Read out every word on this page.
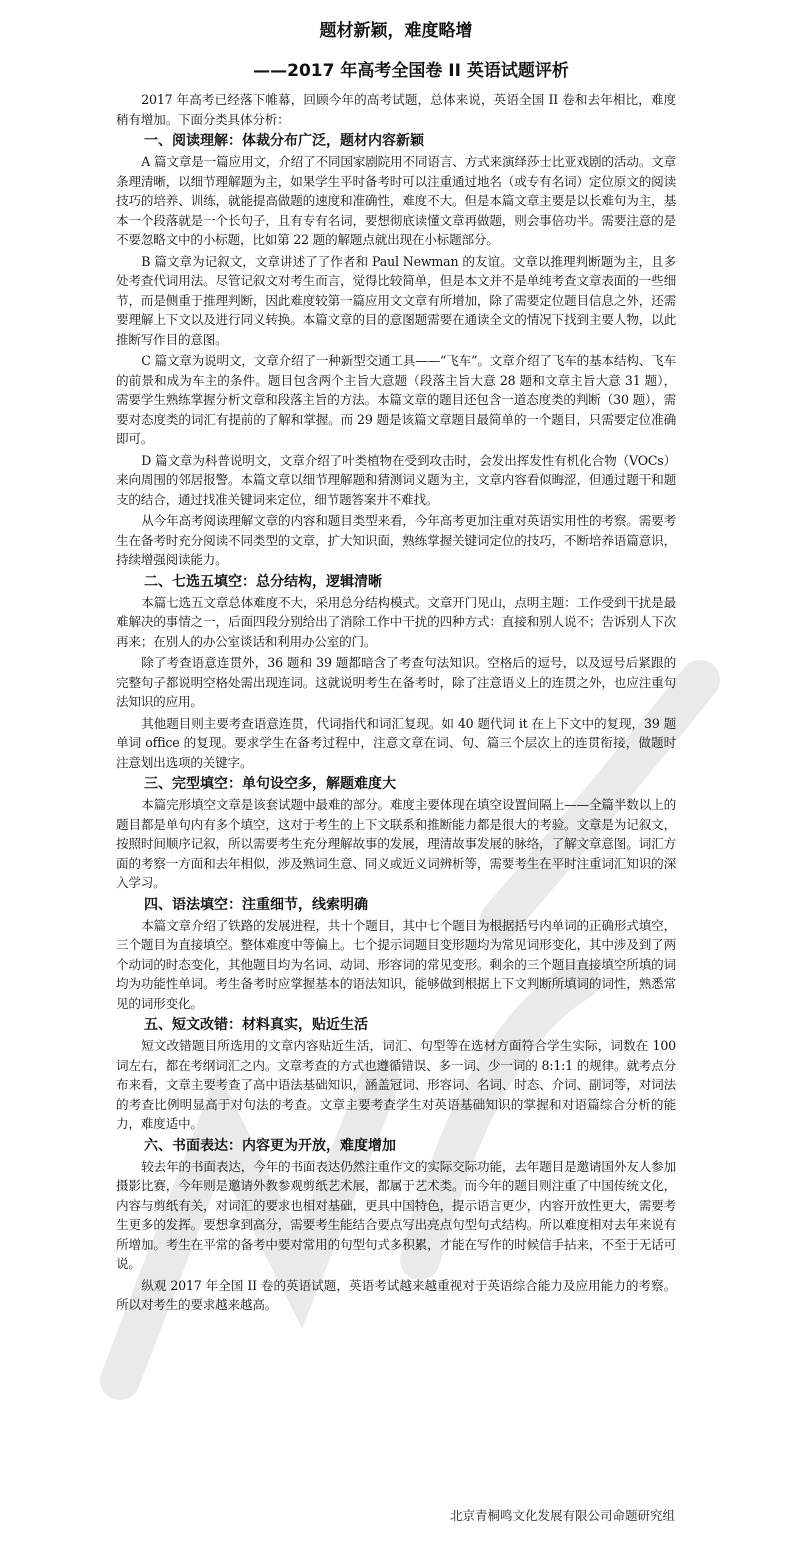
题材新颖，难度略增
——2017 年高考全国卷 II 英语试题评析

2017 年高考已经落下帷幕，回顾今年的高考试题，总体来说，英语全国 II 卷和去年相比，难度稍有增加。下面分类具体分析：

一、阅读理解：体裁分布广泛，题材内容新颖

A 篇文章是一篇应用文，介绍了不同国家剧院用不同语言、方式来演绎莎士比亚戏剧的活动。文章条理清晰，以细节理解题为主，如果学生平时备考时可以注重通过地名（或专有名词）定位原文的阅读技巧的培养、训练，就能提高做题的速度和准确性，难度不大。但是本篇文章主要是以长难句为主，基本一个段落就是一个长句子，且有专有名词，要想彻底读懂文章再做题，则会事倍功半。需要注意的是不要忽略文中的小标题，比如第 22 题的解题点就出现在小标题部分。

B 篇文章为记叙文，文章讲述了了作者和 Paul Newman 的友谊。文章以推理判断题为主，且多处考查代词用法。尽管记叙文对考生而言，觉得比较简单，但是本文并不是单纯考查文章表面的一些细节，而是侧重于推理判断，因此难度较第一篇应用文文章有所增加，除了需要定位题目信息之外，还需要理解上下文以及进行同义转换。本篇文章的目的意图题需要在通读全文的情况下找到主要人物，以此推断写作目的意图。

C 篇文章为说明文，文章介绍了一种新型交通工具——“飞车”。文章介绍了飞车的基本结构、飞车的前景和成为车主的条件。题目包含两个主旨大意题（段落主旨大意 28 题和文章主旨大意 31 题），需要学生熟练掌握分析文章和段落主旨的方法。本篇文章的题目还包含一道态度类的判断（30 题），需要对态度类的词汇有提前的了解和掌握。而 29 题是该篇文章题目最简单的一个题目，只需要定位准确即可。

D 篇文章为科普说明文，文章介绍了叶类植物在受到攻击时，会发出挥发性有机化合物（VOCs）来向周围的邻居报警。本篇文章以细节理解题和猜测词义题为主，文章内容看似晦涩，但通过题干和题支的结合，通过找准关键词来定位，细节题答案并不难找。

从今年高考阅读理解文章的内容和题目类型来看，今年高考更加注重对英语实用性的考察。需要考生在备考时充分阅读不同类型的文章，扩大知识面，熟练掌握关键词定位的技巧，不断培养语篇意识，持续增强阅读能力。

二、七选五填空：总分结构，逻辑清晰

本篇七选五文章总体难度不大，采用总分结构模式。文章开门见山，点明主题：工作受到干扰是最难解决的事情之一，后面四段分别给出了消除工作中干扰的四种方式：直接和别人说不；告诉别人下次再来；在别人的办公室谈话和利用办公室的门。

除了考查语意连贯外，36 题和 39 题都暗含了考查句法知识。空格后的逗号，以及逗号后紧跟的完整句子都说明空格处需出现连词。这就说明考生在备考时，除了注意语义上的连贯之外，也应注重句法知识的应用。

其他题目则主要考查语意连贯，代词指代和词汇复现。如 40 题代词 it 在上下文中的复现，39 题单词 office 的复现。要求学生在备考过程中，注意文章在词、句、篇三个层次上的连贯衔接，做题时注意划出选项的关键字。

三、完型填空：单句设空多，解题难度大

本篇完形填空文章是该套试题中最难的部分。难度主要体现在填空设置间隔上——全篇半数以上的题目都是单句内有多个填空，这对于考生的上下文联系和推断能力都是很大的考验。文章是为记叙文，按照时间顺序记叙，所以需要考生充分理解故事的发展，理清故事发展的脉络，了解文章意图。词汇方面的考察一方面和去年相似，涉及熟词生意、同义或近义词辨析等，需要考生在平时注重词汇知识的深入学习。

四、语法填空：注重细节，线索明确

本篇文章介绍了铁路的发展进程，共十个题目，其中七个题目为根据括号内单词的正确形式填空，三个题目为直接填空。整体难度中等偏上。七个提示词题目变形题均为常见词形变化，其中涉及到了两个动词的时态变化，其他题目均为名词、动词、形容词的常见变形。剩余的三个题目直接填空所填的词均为功能性单词。考生备考时应掌握基本的语法知识，能够做到根据上下文判断所填词的词性，熟悉常见的词形变化。

五、短文改错：材料真实，贴近生活

短文改错题目所选用的文章内容贴近生活，词汇、句型等在选材方面符合学生实际，词数在 100 词左右，都在考纲词汇之内。文章考查的方式也遵循错误、多一词、少一词的 8:1:1 的规律。就考点分布来看，文章主要考查了高中语法基础知识，涵盖冠词、形容词、名词、时态、介词、副词等，对词法的考查比例明显高于对句法的考查。文章主要考查学生对英语基础知识的掌握和对语篇综合分析的能力，难度适中。

六、书面表达：内容更为开放，难度增加

较去年的书面表达，今年的书面表达仍然注重作文的实际交际功能，去年题目是邀请国外友人参加摄影比赛，今年则是邀请外教参观剪纸艺术展，都属于艺术类。而今年的题目则注重了中国传统文化，内容与剪纸有关，对词汇的要求也相对基础，更具中国特色，提示语言更少，内容开放性更大，需要考生更多的发挥。要想拿到高分，需要考生能结合要点写出亮点句型句式结构。所以难度相对去年来说有所增加。考生在平常的备考中要对常用的句型句式多积累，才能在写作的时候信手拈来，不至于无话可说。

纵观 2017 年全国 II 卷的英语试题，英语考试越来越重视对于英语综合能力及应用能力的考察。所以对考生的要求越来越高。

北京青桐鸣文化发展有限公司命题研究组
